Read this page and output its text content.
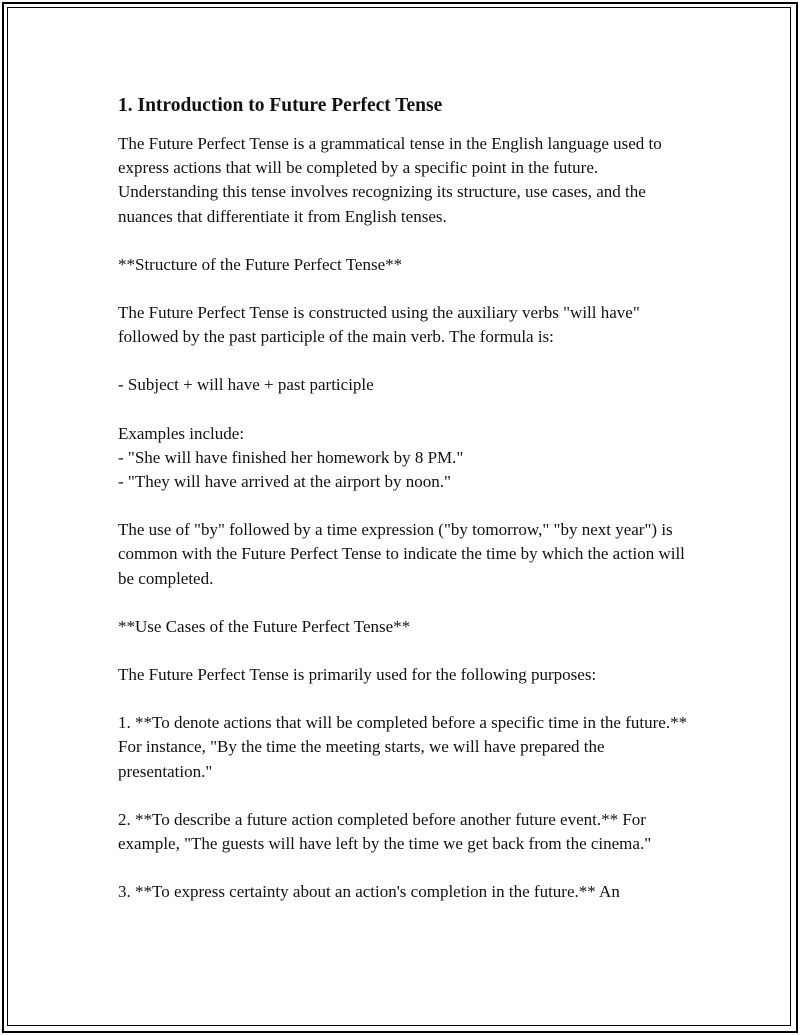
1. Introduction to Future Perfect Tense

The Future Perfect Tense is a grammatical tense in the English language used to express actions that will be completed by a specific point in the future. Understanding this tense involves recognizing its structure, use cases, and the nuances that differentiate it from English tenses.

**Structure of the Future Perfect Tense**

The Future Perfect Tense is constructed using the auxiliary verbs "will have" followed by the past participle of the main verb. The formula is:

- Subject + will have + past participle

Examples include:

- "She will have finished her homework by 8 PM."

- "They will have arrived at the airport by noon."

The use of "by" followed by a time expression ("by tomorrow," "by next year") is common with the Future Perfect Tense to indicate the time by which the action will be completed.

**Use Cases of the Future Perfect Tense**

The Future Perfect Tense is primarily used for the following purposes:

1. **To denote actions that will be completed before a specific time in the future.** For instance, "By the time the meeting starts, we will have prepared the presentation."

2. **To describe a future action completed before another future event.** For example, "The guests will have left by the time we get back from the cinema."

3. **To express certainty about an action's completion in the future.** An
